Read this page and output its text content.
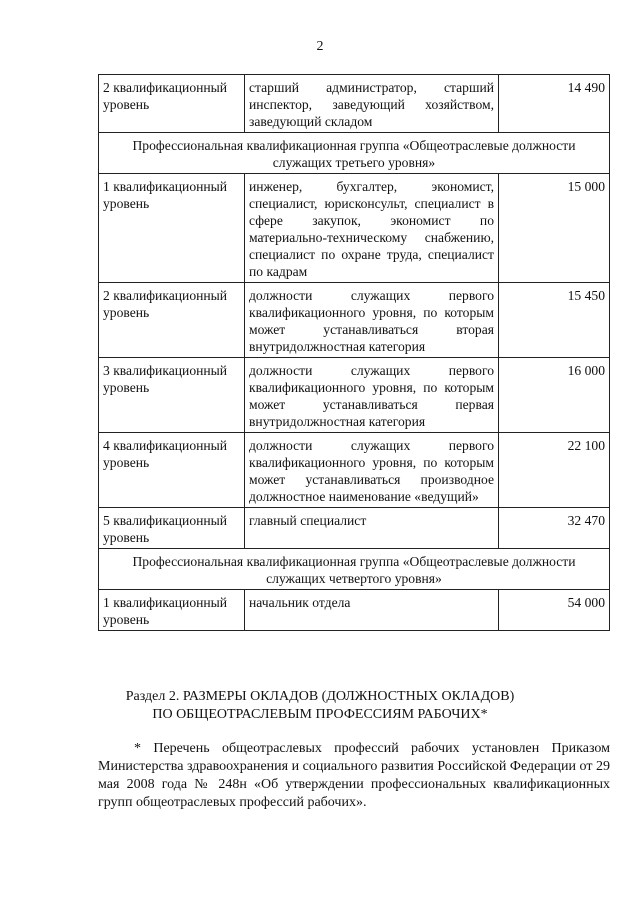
2
2 квалификационный уровень	старший администратор, старший инспектор, заведующий хозяйством, заведующий складом	14 490
Профессиональная квалификационная группа «Общеотраслевые должности служащих третьего уровня»		
1 квалификационный уровень	инженер, бухгалтер, экономист, специалист, юрисконсульт, специалист в сфере закупок, экономист по материально-техническому снабжению, специалист по охране труда, специалист по кадрам	15 000
2 квалификационный уровень	должности служащих первого квалификационного уровня, по которым может устанавливаться вторая внутридолжностная категория	15 450
3 квалификационный уровень	должности служащих первого квалификационного уровня, по которым может устанавливаться первая внутридолжностная категория	16 000
4 квалификационный уровень	должности служащих первого квалификационного уровня, по которым может устанавливаться производное должностное наименование «ведущий»	22 100
5 квалификационный уровень	главный специалист	32 470
Профессиональная квалификационная группа «Общеотраслевые должности служащих четвертого уровня»		
1 квалификационный уровень	начальник отдела	54 000
Раздел 2. РАЗМЕРЫ ОКЛАДОВ (ДОЛЖНОСТНЫХ ОКЛАДОВ)
ПО ОБЩЕОТРАСЛЕВЫМ ПРОФЕССИЯМ РАБОЧИХ*
* Перечень общеотраслевых профессий рабочих установлен Приказом Министерства здравоохранения и социального развития Российской Федерации от 29 мая 2008 года № 248н «Об утверждении профессиональных квалификационных групп общеотраслевых профессий рабочих».
